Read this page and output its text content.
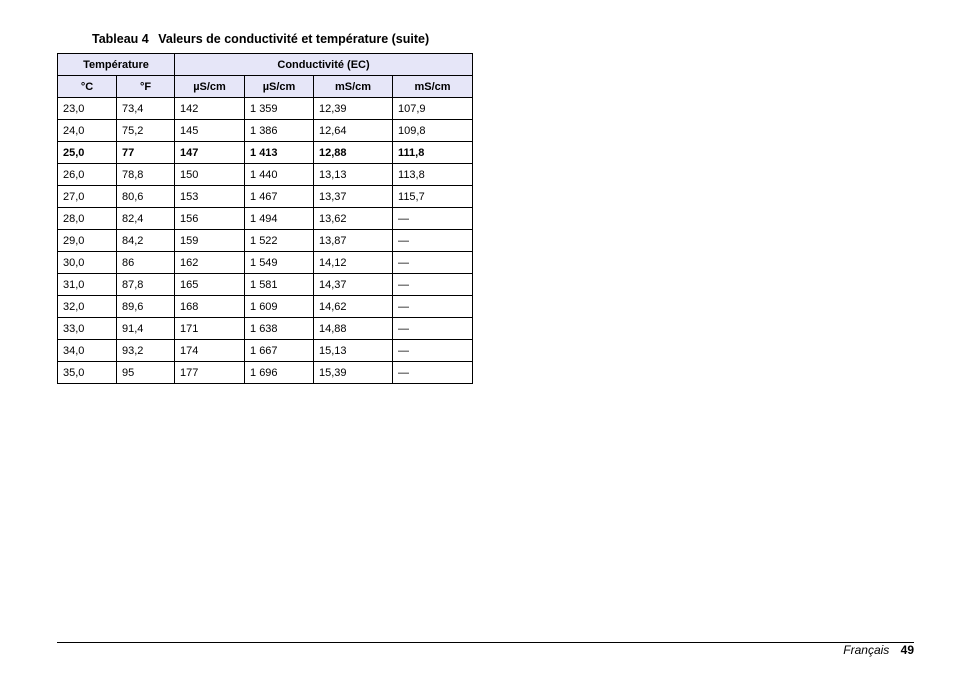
Tableau 4 Valeurs de conductivité et température (suite)
Température		Conductivité (EC)			
°C	°F	µS/cm	µS/cm	mS/cm	mS/cm
23,0	73,4	142	1 359	12,39	107,9
24,0	75,2	145	1 386	12,64	109,8
25,0	77	147	1 413	12,88	111,8
26,0	78,8	150	1 440	13,13	113,8
27,0	80,6	153	1 467	13,37	115,7
28,0	82,4	156	1 494	13,62	—
29,0	84,2	159	1 522	13,87	—
30,0	86	162	1 549	14,12	—
31,0	87,8	165	1 581	14,37	—
32,0	89,6	168	1 609	14,62	—
33,0	91,4	171	1 638	14,88	—
34,0	93,2	174	1 667	15,13	—
35,0	95	177	1 696	15,39	—
Français 49
